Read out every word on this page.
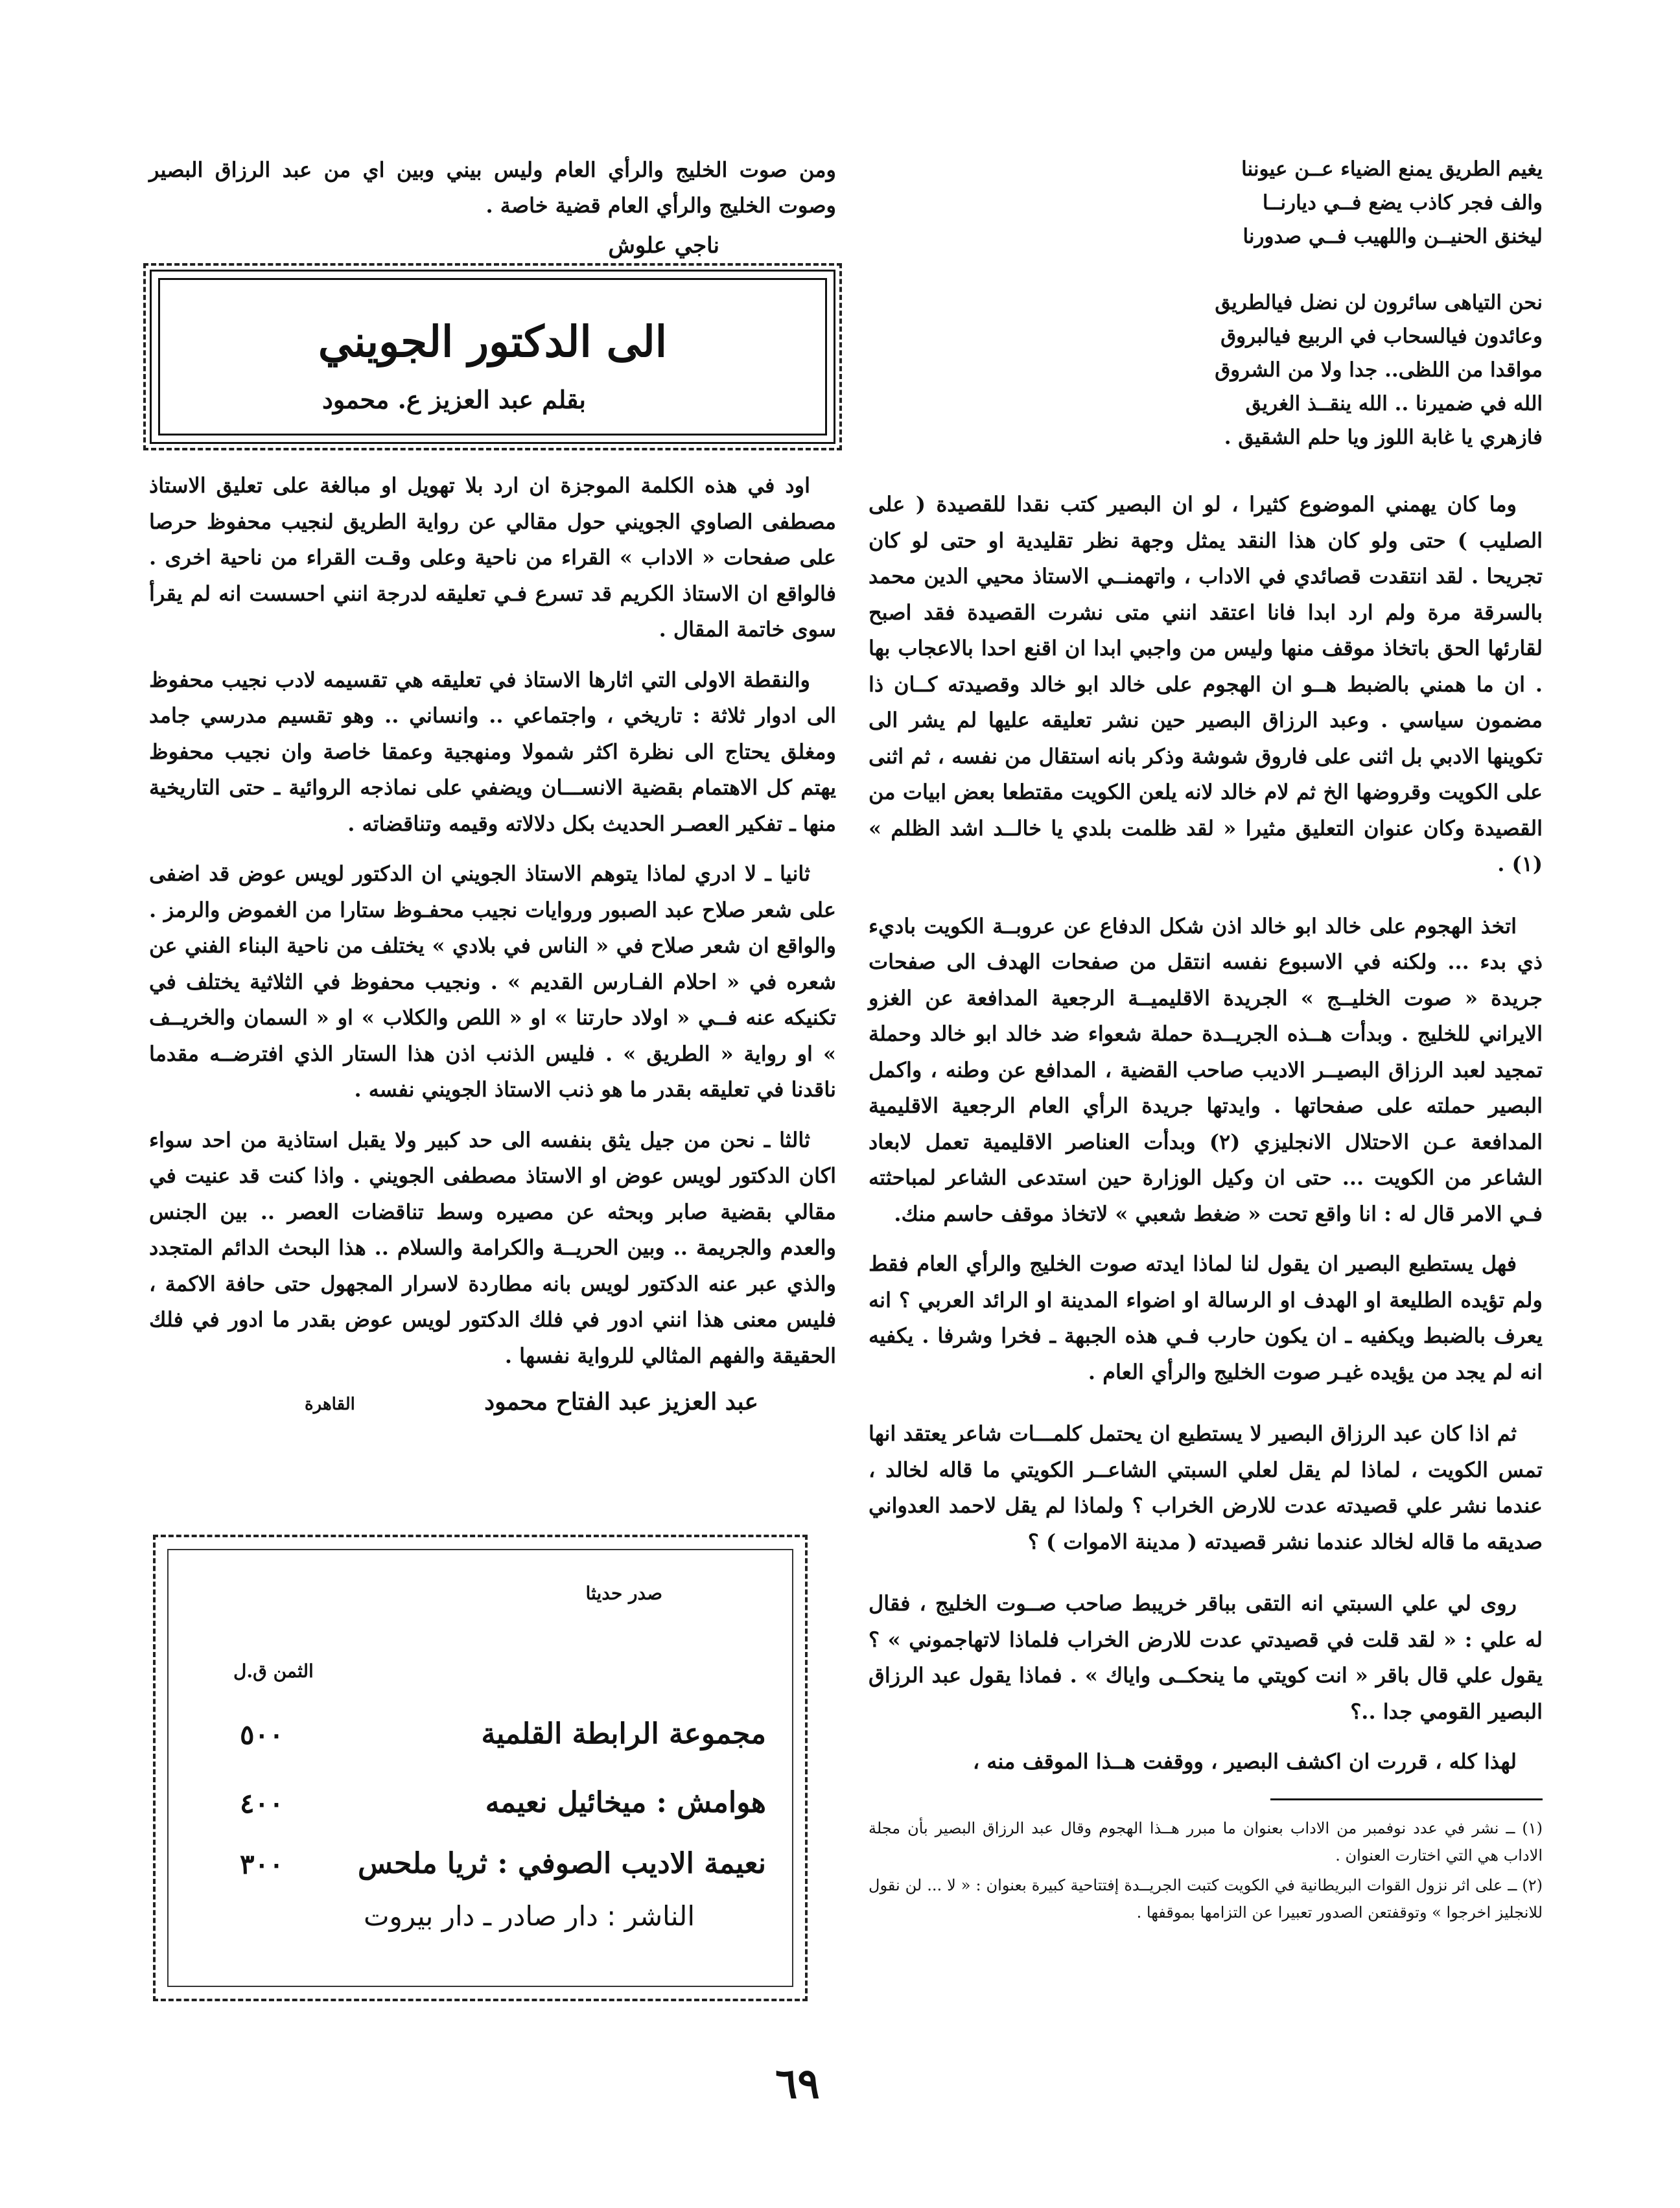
يغيم الطريق يمنع الضياء عــن عيوننا

والف فجر كاذب يضع فــي ديارنــا

ليخنق الحنيــن واللهيب فــي صدورنا

نحن التياهى سائرون لن نضل فيالطريق

وعائدون فيالسحاب في الربيع فيالبروق

مواقدا من اللظى.. جدا ولا من الشروق

الله في ضميرنا .. الله ينقــذ الغريق

فازهري يا غابة اللوز ويا حلم الشقيق .

وما كان يهمني الموضوع كثيرا ، لو ان البصير كتب نقدا للقصيدة ( على الصليب ) حتى ولو كان هذا النقد يمثل وجهة نظر تقليدية او حتى لو كان تجريحا . لقد انتقدت قصائدي في الاداب ، واتهمنــي الاستاذ محيي الدين محمد بالسرقة مرة ولم ارد ابدا فانا اعتقد انني متى نشرت القصيدة فقد اصبح لقارئها الحق باتخاذ موقف منها وليس من واجبي ابدا ان اقنع احدا بالاعجاب بها . ان ما همني بالضبط هــو ان الهجوم على خالد ابو خالد وقصيدته كــان ذا مضمون سياسي . وعبد الرزاق البصير حين نشر تعليقه عليها لم يشر الى تكوينها الادبي بل اثنى على فاروق شوشة وذكر بانه استقال من نفسه ، ثم اثنى على الكويت وقروضها الخ ثم لام خالد لانه يلعن الكويت مقتطعا بعض ابيات من القصيدة وكان عنوان التعليق مثيرا « لقد ظلمت بلدي يا خالــد اشد الظلم » (١) .

اتخذ الهجوم على خالد ابو خالد اذن شكل الدفاع عن عروبــة الكويت باديء ذي بدء ... ولكنه في الاسبوع نفسه انتقل من صفحات الهدف الى صفحات جريدة « صوت الخليــج » الجريدة الاقليميــة الرجعية المدافعة عن الغزو الايراني للخليج . وبدأت هــذه الجريــدة حملة شعواء ضد خالد ابو خالد وحملة تمجيد لعبد الرزاق البصيــر الاديب صاحب القضية ، المدافع عن وطنه ، واكمل البصير حملته على صفحاتها . وايدتها جريدة الرأي العام الرجعية الاقليمية المدافعة عـن الاحتلال الانجليزي (٢) وبدأت العناصر الاقليمية تعمل لابعاد الشاعر من الكويت ... حتى ان وكيل الوزارة حين استدعى الشاعر لمباحثته فـي الامر قال له : انا واقع تحت « ضغط شعبي » لاتخاذ موقف حاسم منك.

فهل يستطيع البصير ان يقول لنا لماذا ايدته صوت الخليج والرأي العام فقط ولم تؤيده الطليعة او الهدف او الرسالة او اضواء المدينة او الرائد العربي ؟ انه يعرف بالضبط ويكفيه ـ ان يكون حارب فـي هذه الجبهة ـ فخرا وشرفا . يكفيه انه لم يجد من يؤيده غيـر صوت الخليج والرأي العام .

ثم اذا كان عبد الرزاق البصير لا يستطيع ان يحتمل كلمـــات شاعر يعتقد انها تمس الكويت ، لماذا لم يقل لعلي السبتي الشاعــر الكويتي ما قاله لخالد ، عندما نشر علي قصيدته عدت للارض الخراب ؟ ولماذا لم يقل لاحمد العدواني صديقه ما قاله لخالد عندما نشر قصيدته ( مدينة الاموات ) ؟

روى لي علي السبتي انه التقى بباقر خريبط صاحب صــوت الخليج ، فقال له علي : « لقد قلت في قصيدتي عدت للارض الخراب فلماذا لاتهاجموني » ؟ يقول علي قال باقر « انت كويتي ما ينحكــى واياك » . فماذا يقول عبد الرزاق البصير القومي جدا ..؟

لهذا كله ، قررت ان اكشف البصير ، ووقفت هــذا الموقف منه ،

(١) ــ نشر في عدد نوفمبر من الاداب بعنوان ما مبرر هــذا الهجوم وقال عبد الرزاق البصير بأن مجلة الاداب هي التي اختارت العنوان .

(٢) ــ على اثر نزول القوات البريطانية في الكويت كتبت الجريــدة إفتتاحية كبيرة بعنوان : « لا ... لن نقول للانجليز اخرجوا » وتوقفتعن الصدور تعبيرا عن التزامها بموقفها .

ومن صوت الخليج والرأي العام وليس بيني وبين اي من عبد الرزاق البصير وصوت الخليج والرأي العام قضية خاصة .

ناجي علوش

الى الدكتور الجويني

بقلم عبد العزيز ع. محمود

اود في هذه الكلمة الموجزة ان ارد بلا تهويل او مبالغة على تعليق الاستاذ مصطفى الصاوي الجويني حول مقالي عن رواية الطريق لنجيب محفوظ حرصا على صفحات « الاداب » القراء من ناحية وعلى وقـت القراء من ناحية اخرى . فالواقع ان الاستاذ الكريم قد تسرع فـي تعليقه لدرجة انني احسست انه لم يقرأ سوى خاتمة المقال .

والنقطة الاولى التي اثارها الاستاذ في تعليقه هي تقسيمه لادب نجيب محفوظ الى ادوار ثلاثة : تاريخي ، واجتماعي .. وانساني .. وهو تقسيم مدرسي جامد ومغلق يحتاج الى نظرة اكثر شمولا ومنهجية وعمقا خاصة وان نجيب محفوظ يهتم كل الاهتمام بقضية الانســـان ويضفي على نماذجه الروائية ـ حتى التاريخية منها ـ تفكير العصـر الحديث بكل دلالاته وقيمه وتناقضاته .

ثانيا ـ لا ادري لماذا يتوهم الاستاذ الجويني ان الدكتور لويس عوض قد اضفى على شعر صلاح عبد الصبور وروايات نجيب محفـوظ ستارا من الغموض والرمز . والواقع ان شعر صلاح في « الناس في بلادي » يختلف من ناحية البناء الفني عن شعره في « احلام الفـارس القديم » . ونجيب محفوظ في الثلاثية يختلف في تكنيكه عنه فــي « اولاد حارتنا » او « اللص والكلاب » او « السمان والخريــف » او رواية « الطريق » . فليس الذنب اذن هذا الستار الذي افترضــه مقدما ناقدنا في تعليقه بقدر ما هو ذنب الاستاذ الجويني نفسه .

ثالثا ـ نحن من جيل يثق بنفسه الى حد كبير ولا يقبل استاذية من احد سواء اكان الدكتور لويس عوض او الاستاذ مصطفى الجويني . واذا كنت قد عنيت في مقالي بقضية صابر وبحثه عن مصيره وسط تناقضات العصر .. بين الجنس والعدم والجريمة .. وبين الحريــة والكرامة والسلام .. هذا البحث الدائم المتجدد والذي عبر عنه الدكتور لويس بانه مطاردة لاسرار المجهول حتى حافة الاكمة ، فليس معنى هذا انني ادور في فلك الدكتور لويس عوض بقدر ما ادور في فلك الحقيقة والفهم المثالي للرواية نفسها .

عبد العزيز عبد الفتاح محمود
القاهرة
صدر حديثا
الثمن ق.ل
مجموعة الرابطة القلمية
٥٠٠
هوامش : ميخائيل نعيمه
٤٠٠
نعيمة الاديب الصوفي : ثريا ملحس
٣٠٠
الناشر : دار صادر ـ دار بيروت
٦٩
